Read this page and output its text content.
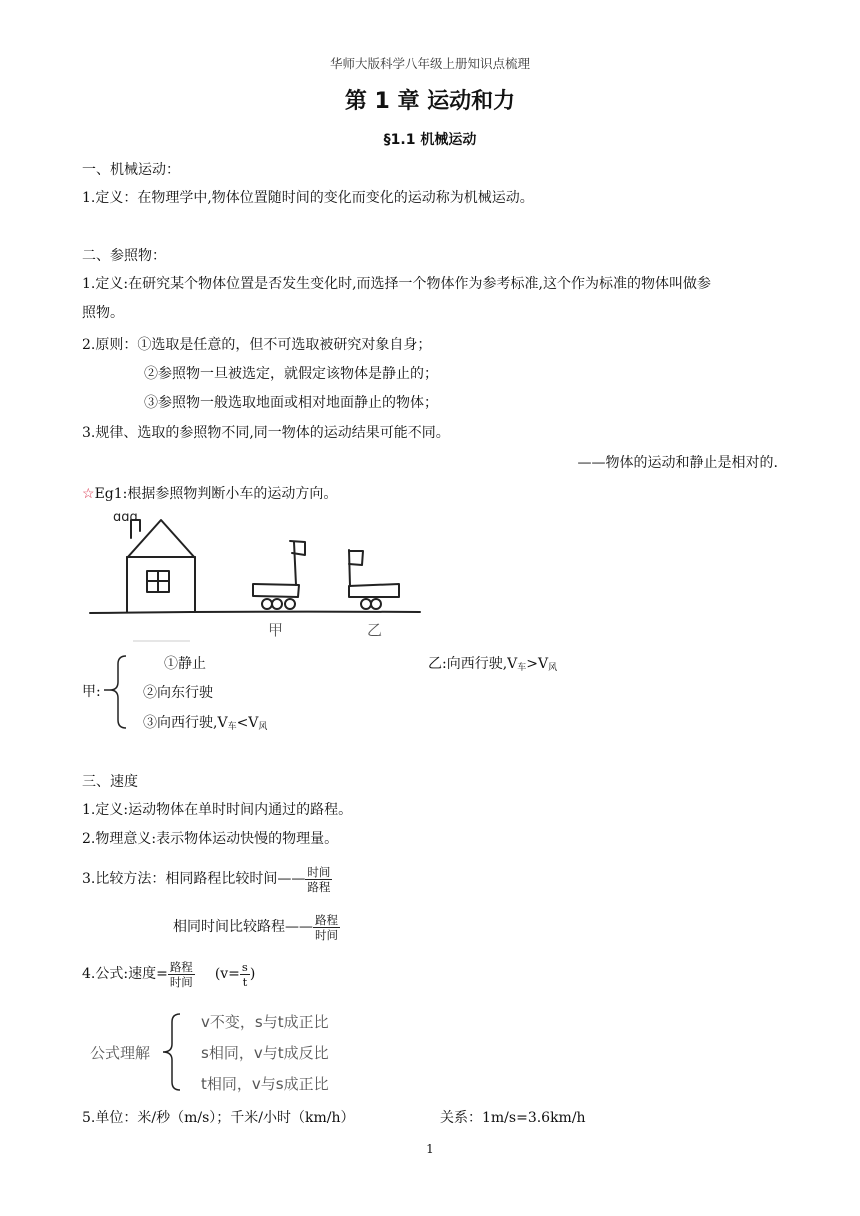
华师大版科学八年级上册知识点梳理
第 1 章 运动和力
§1.1 机械运动
一、机械运动：
1.定义：在物理学中,物体位置随时间的变化而变化的运动称为机械运动。
二、参照物：
1.定义:在研究某个物体位置是否发生变化时,而选择一个物体作为参考标准,这个作为标准的物体叫做参
照物。
2.原则：①选取是任意的，但不可选取被研究对象自身；
②参照物一旦被选定，就假定该物体是静止的；
③参照物一般选取地面或相对地面静止的物体；
3.规律、选取的参照物不同,同一物体的运动结果可能不同。
——物体的运动和静止是相对的.
☆Eg1:根据参照物判断小车的运动方向。
ɑɑɑ
甲	乙
甲:
①静止
②向东行驶
③向西行驶$,V_车<V_风$
乙:向西行驶$,V_车>V_风$
三、速度
1.定义:运动物体在单时时间内通过的路程。
2.物理意义:表示物体运动快慢的物理量。
3.比较方法： 相同路程比较时间—— $\frac{\text{时间}}{\text{路程}}$
相同时间比较路程—— $\frac{\text{路程}}{\text{时间}}$
4.公式:速度= $\frac{\text{路程}}{\text{时间}} (v= \frac{s}{t}$ )
公式理解
v不变，s与t成正比
s相同，v与t成反比
t相同，v与s成正比
5.单位：米/秒（m/s）；千米/小时（km/h）	关系：1m/s=3.6km/h
1
